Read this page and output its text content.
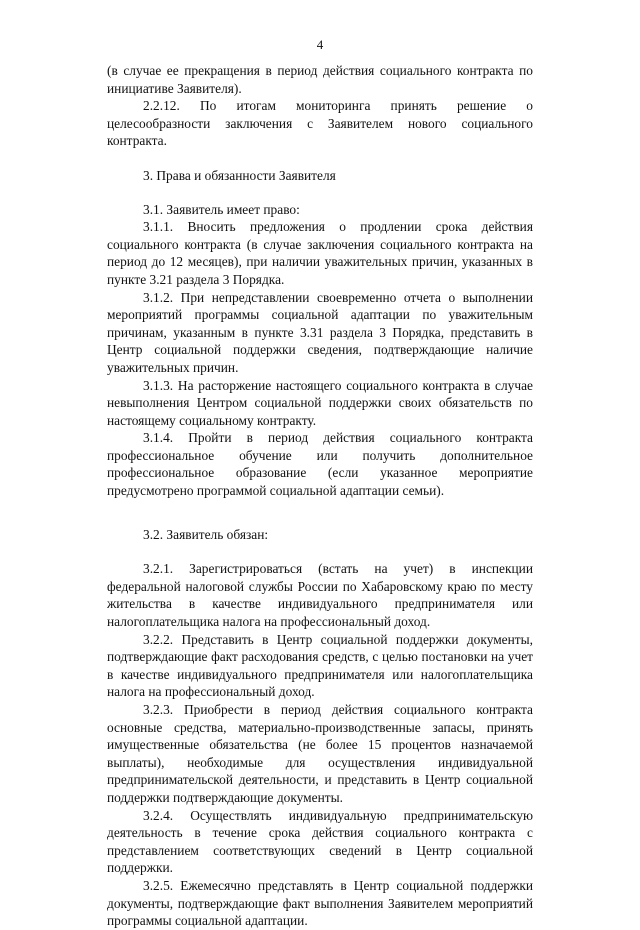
4

(в случае ее прекращения в период действия социального контракта по инициативе Заявителя).

2.2.12. По итогам мониторинга принять решение о целесообразности заключения с Заявителем нового социального контракта.

3. Права и обязанности Заявителя

3.1. Заявитель имеет право:

3.1.1. Вносить предложения о продлении срока действия социального контракта (в случае заключения социального контракта на период до 12 месяцев), при наличии уважительных причин, указанных в пункте 3.21 раздела 3 Порядка.

3.1.2. При непредставлении своевременно отчета о выполнении мероприятий программы социальной адаптации по уважительным причинам, указанным в пункте 3.31 раздела 3 Порядка, представить в Центр социальной поддержки сведения, подтверждающие наличие уважительных причин.

3.1.3. На расторжение настоящего социального контракта в случае невыполнения Центром социальной поддержки своих обязательств по настоящему социальному контракту.

3.1.4. Пройти в период действия социального контракта профессиональное обучение или получить дополнительное профессиональное образование (если указанное мероприятие предусмотрено программой социальной адаптации семьи).

3.2. Заявитель обязан:

3.2.1. Зарегистрироваться (встать на учет) в инспекции федеральной налоговой службы России по Хабаровскому краю по месту жительства в качестве индивидуального предпринимателя или налогоплательщика налога на профессиональный доход.

3.2.2. Представить в Центр социальной поддержки документы, подтверждающие факт расходования средств, с целью постановки на учет в качестве индивидуального предпринимателя или налогоплательщика налога на профессиональный доход.

3.2.3. Приобрести в период действия социального контракта основные средства, материально-производственные запасы, принять имущественные обязательства (не более 15 процентов назначаемой выплаты), необходимые для осуществления индивидуальной предпринимательской деятельности, и представить в Центр социальной поддержки подтверждающие документы.

3.2.4. Осуществлять индивидуальную предпринимательскую деятельность в течение срока действия социального контракта с представлением соответствующих сведений в Центр социальной поддержки.

3.2.5. Ежемесячно представлять в Центр социальной поддержки документы, подтверждающие факт выполнения Заявителем мероприятий программы социальной адаптации.
